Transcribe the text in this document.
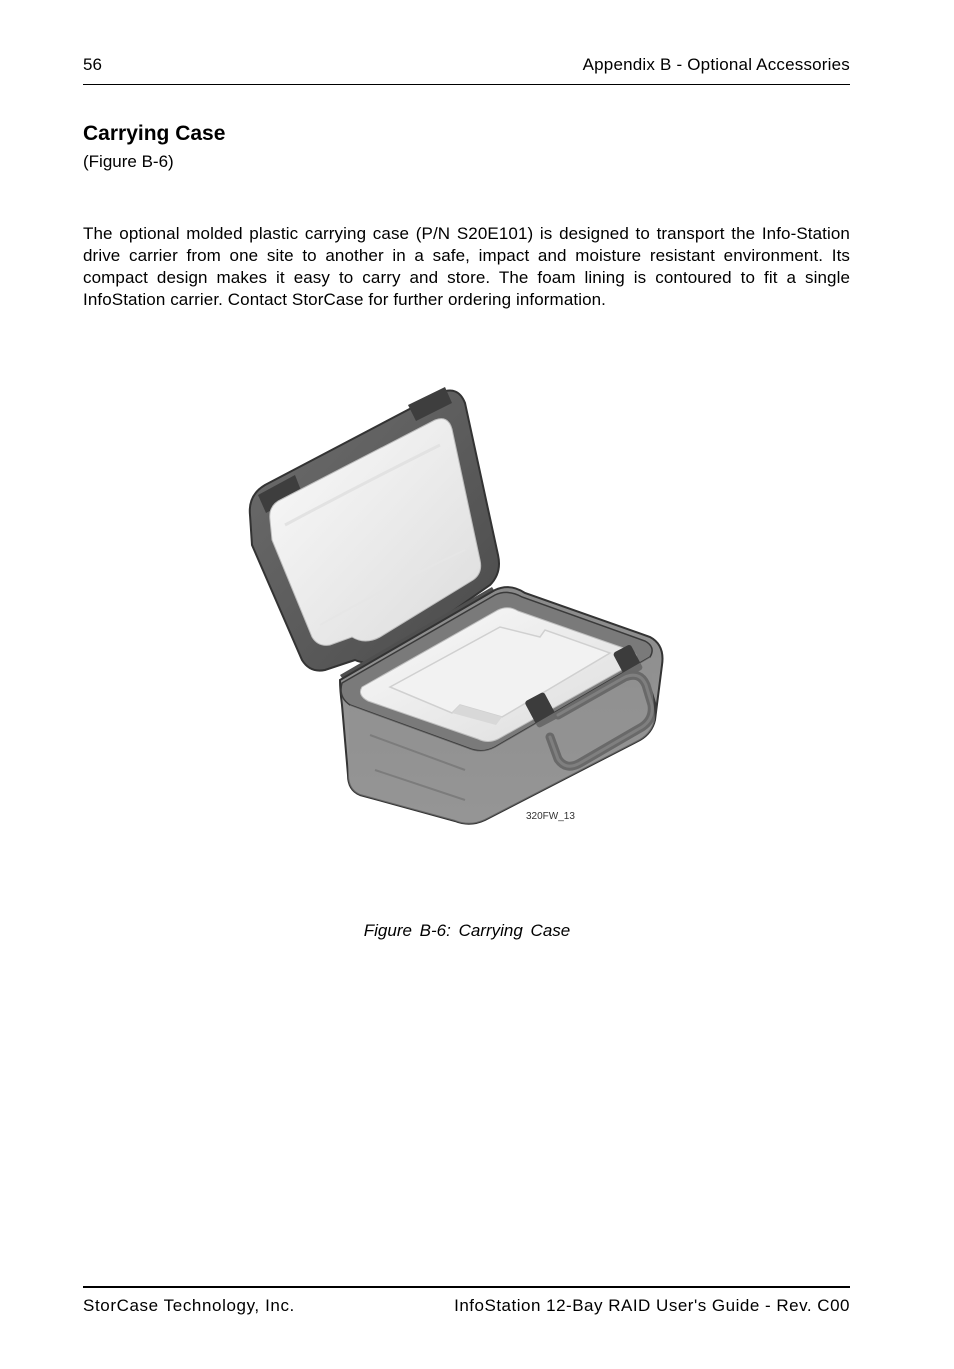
56	Appendix B - Optional Accessories
Carrying Case
(Figure B-6)

The optional molded plastic carrying case (P/N S20E101) is designed to transport the Info-Station drive carrier from one site to another in a safe, impact and moisture resistant environment. Its compact design makes it easy to carry and store. The foam lining is contoured to fit a single InfoStation carrier. Contact StorCase for further ordering information.

320FW_13
Figure B-6: Carrying Case
StorCase Technology, Inc.	InfoStation 12-Bay RAID User's Guide - Rev. C00
